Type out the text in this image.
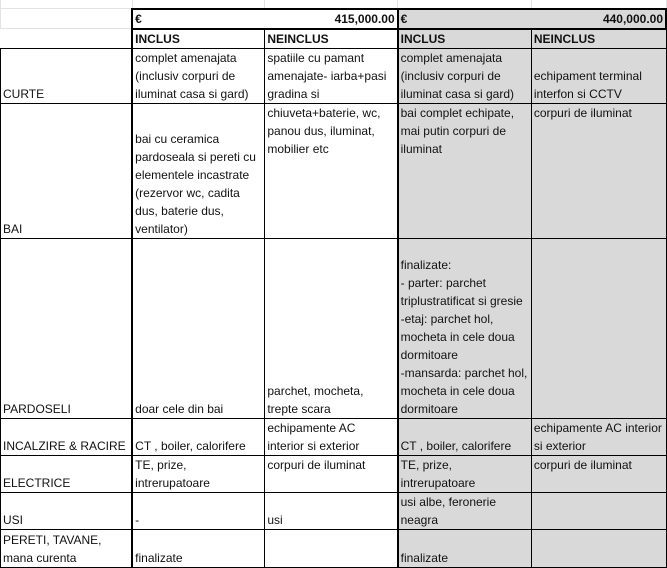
	€ 415,000.00		€ 440,000.00	

	INCLUS	NEINCLUS	INCLUS	NEINCLUS
CURTE	complet amenajata (inclusiv corpuri de iluminat casa si gard)	spatiile cu pamant amenajate- iarba+pasi gradina si	complet amenajata (inclusiv corpuri de iluminat casa si gard)	echipament terminal interfon si CCTV
BAI	bai cu ceramica pardoseala si pereti cu elementele incastrate (rezervor wc, cadita dus, baterie dus, ventilator)	chiuveta+baterie, wc, panou dus, iluminat, mobilier etc	bai complet echipate, mai putin corpuri de iluminat	corpuri de iluminat
PARDOSELI	doar cele din bai	parchet, mocheta, trepte scara	finalizate:
- parter: parchet triplustratificat si gresie
-etaj: parchet hol, mocheta in cele doua dormitoare
-mansarda: parchet hol, mocheta in cele doua dormitoare	
INCALZIRE & RACIRE	CT , boiler, calorifere	echipamente AC interior si exterior	CT , boiler, calorifere	echipamente AC interior si exterior
ELECTRICE	TE, prize, intrerupatoare	corpuri de iluminat	TE, prize, intrerupatoare	corpuri de iluminat
USI	-	usi	usi albe, feronerie neagra	
PERETI, TAVANE, mana curenta	finalizate		finalizate	
